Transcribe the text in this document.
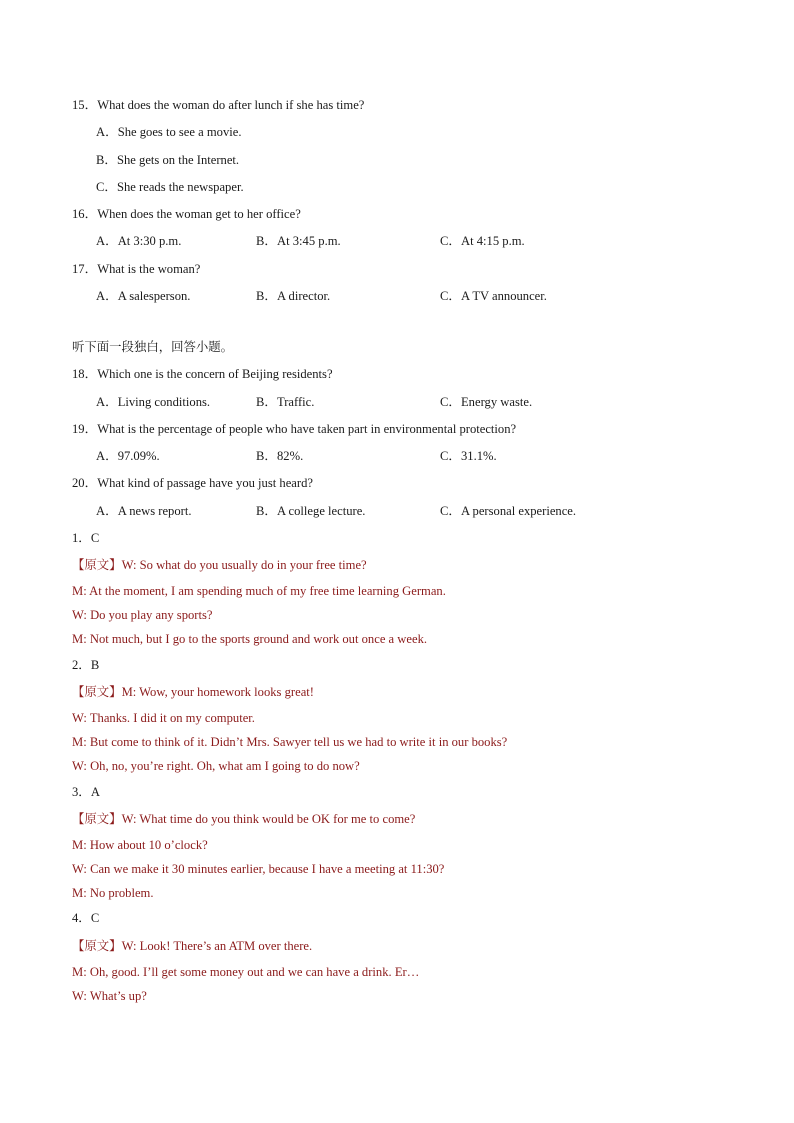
15．What does the woman do after lunch if she has time?
A．She goes to see a movie.
B．She gets on the Internet.
C．She reads the newspaper.
16．When does the woman get to her office?
A．At 3:30 p.m.	B．At 3:45 p.m.	C．At 4:15 p.m.
17．What is the woman?
A．A salesperson.	B．A director.	C．A TV announcer.
听下面一段独白，回答小题。
18．Which one is the concern of Beijing residents?
A．Living conditions.	B．Traffic.	C．Energy waste.
19．What is the percentage of people who have taken part in environmental protection?
A．97.09%.	B．82%.	C．31.1%.
20．What kind of passage have you just heard?
A．A news report.	B．A college lecture.	C．A personal experience.
1．C
【原文】W: So what do you usually do in your free time?
M: At the moment, I am spending much of my free time learning German.
W: Do you play any sports?
M: Not much, but I go to the sports ground and work out once a week.
2．B
【原文】M: Wow, your homework looks great!
W: Thanks. I did it on my computer.
M: But come to think of it. Didn’t Mrs. Sawyer tell us we had to write it in our books?
W: Oh, no, you’re right. Oh, what am I going to do now?
3．A
【原文】W: What time do you think would be OK for me to come?
M: How about 10 o’clock?
W: Can we make it 30 minutes earlier, because I have a meeting at 11:30?
M: No problem.
4．C
【原文】W: Look! There’s an ATM over there.
M: Oh, good. I’ll get some money out and we can have a drink. Er…
W: What’s up?
